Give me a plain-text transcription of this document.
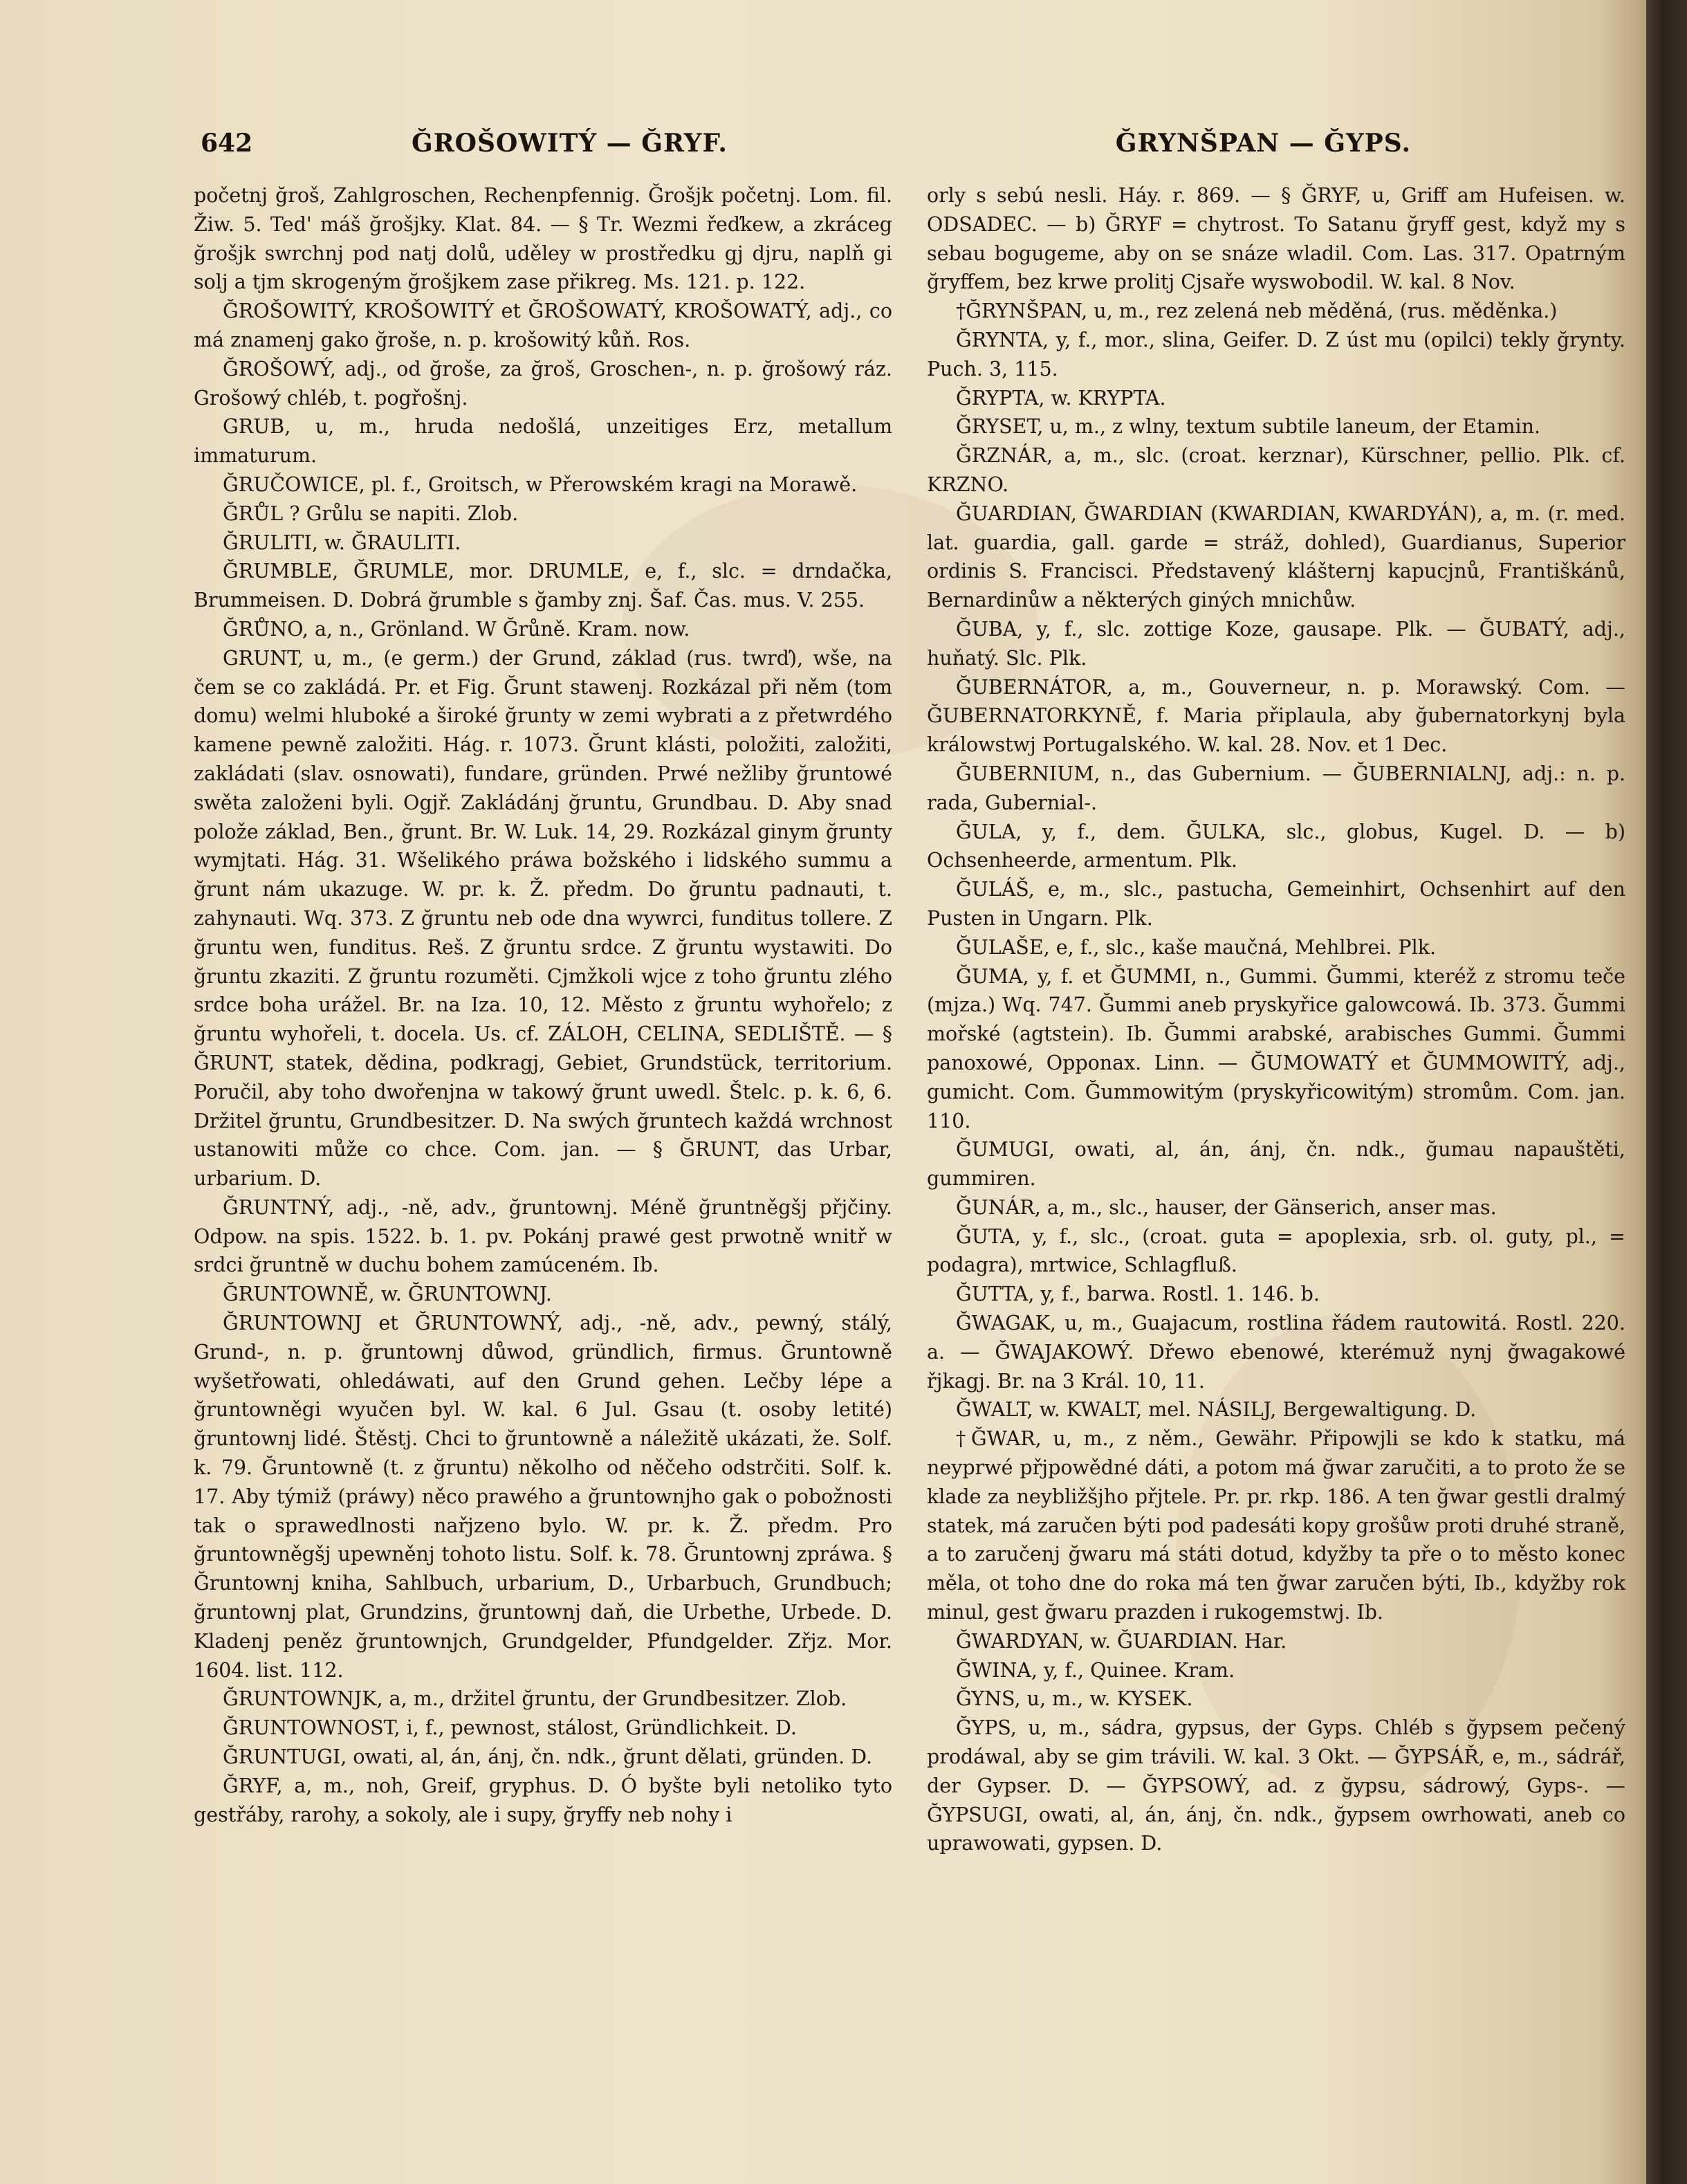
642	ĞROŠOWITÝ — ĞRYF.	ĞRYNŠPAN — ĞYPS.

početnj ğroš, Zahlgroschen, Rechenpfennig. Ğrošjk početnj. Lom. fil. Žiw. 5. Ted' máš ğrošjky. Klat. 84. — § Tr. Wezmi řeďkew, a zkráceg ğrošjk swrchnj pod natj dolů, uděley w prostředku gj djru, naplň gi solj a tjm skrogeným ğrošjkem zase přikreg. Ms. 121. p. 122.

ĞROŠOWITÝ, KROŠOWITÝ et ĞROŠOWATÝ, KROŠOWATÝ, adj., co má znamenj gako ğroše, n. p. krošowitý kůň. Ros.

ĞROŠOWÝ, adj., od ğroše, za ğroš, Groschen-, n. p. ğrošowý ráz. Grošowý chléb, t. pogřošnj.

GRUB, u, m., hruda nedošlá, unzeitiges Erz, metallum immaturum.

ĞRUČOWICE, pl. f., Groitsch, w Přerowském kragi na Morawě.

ĞRŮL ? Grůlu se napiti. Zlob.

ĞRULITI, w. ĞRAULITI.

ĞRUMBLE, ĞRUMLE, mor. DRUMLE, e, f., slc. = drndačka, Brummeisen. D. Dobrá ğrumble s ğamby znj. Šaf. Čas. mus. V. 255.

ĞRŮNO, a, n., Grönland. W Ğrůně. Kram. now.

GRUNT, u, m., (e germ.) der Grund, základ (rus. twrď), wše, na čem se co zakládá. Pr. et Fig. Ğrunt stawenj. Rozkázal při něm (tom domu) welmi hluboké a široké ğrunty w zemi wybrati a z přetwrdého kamene pewně založiti. Hág. r. 1073. Ğrunt klásti, položiti, založiti, zakládati (slav. osnowati), fundare, gründen. Prwé nežliby ğruntowé swěta založeni byli. Ogjř. Zakládánj ğruntu, Grundbau. D. Aby snad polože základ, Ben., ğrunt. Br. W. Luk. 14, 29. Rozkázal ginym ğrunty wymjtati. Hág. 31. Wšelikého práwa božského i lidského summu a ğrunt nám ukazuge. W. pr. k. Ž. předm. Do ğruntu padnauti, t. zahynauti. Wq. 373. Z ğruntu neb ode dna wywrci, funditus tollere. Z ğruntu wen, funditus. Reš. Z ğruntu srdce. Z ğruntu wystawiti. Do ğruntu zkaziti. Z ğruntu rozuměti. Cjmžkoli wjce z toho ğruntu zlého srdce boha urážel. Br. na Iza. 10, 12. Město z ğruntu wyhořelo; z ğruntu wyhořeli, t. docela. Us. cf. ZÁLOH, CELINA, SEDLIŠTĚ. — § ĞRUNT, statek, dědina, podkragj, Gebiet, Grundstück, territorium. Poručil, aby toho dwořenjna w takowý ğrunt uwedl. Štelc. p. k. 6, 6. Držitel ğruntu, Grundbesitzer. D. Na swých ğruntech každá wrchnost ustanowiti může co chce. Com. jan. — § ĞRUNT, das Urbar, urbarium. D.

ĞRUNTNÝ, adj., -ně, adv., ğruntownj. Méně ğruntněgšj přjčiny. Odpow. na spis. 1522. b. 1. pv. Pokánj prawé gest prwotně wnitř w srdci ğruntně w duchu bohem zamúceném. Ib.

ĞRUNTOWNĚ, w. ĞRUNTOWNJ.

ĞRUNTOWNJ et ĞRUNTOWNÝ, adj., -ně, adv., pewný, stálý, Grund-, n. p. ğruntownj důwod, gründlich, firmus. Ğruntowně wyšetřowati, ohledáwati, auf den Grund gehen. Lečby lépe a ğruntowněgi wyučen byl. W. kal. 6 Jul. Gsau (t. osoby letité) ğruntownj lidé. Štěstj. Chci to ğruntowně a náležitě ukázati, že. Solf. k. 79. Ğruntowně (t. z ğruntu) několho od něčeho odstrčiti. Solf. k. 17. Aby týmiž (práwy) něco prawého a ğruntownjho gak o pobožnosti tak o sprawedlnosti nařjzeno bylo. W. pr. k. Ž. předm. Pro ğruntowněgšj upewněnj tohoto listu. Solf. k. 78. Ğruntownj zpráwa. § Ğruntownj kniha, Sahlbuch, urbarium, D., Urbarbuch, Grundbuch; ğruntownj plat, Grundzins, ğruntownj daň, die Urbethe, Urbede. D. Kladenj peněz ğruntownjch, Grundgelder, Pfundgelder. Zřjz. Mor. 1604. list. 112.

ĞRUNTOWNJK, a, m., držitel ğruntu, der Grundbesitzer. Zlob.

ĞRUNTOWNOST, i, f., pewnost, stálost, Gründlichkeit. D.

ĞRUNTUGI, owati, al, án, ánj, čn. ndk., ğrunt dělati, gründen. D.

ĞRYF, a, m., noh, Greif, gryphus. D. Ó byšte byli netoliko tyto gestřáby, rarohy, a sokoly, ale i supy, ğryffy neb nohy i

orly s sebú nesli. Háy. r. 869. — § ĞRYF, u, Griff am Hufeisen. w. ODSADEC. — b) ĞRYF = chytrost. To Satanu ğryff gest, když my s sebau bogugeme, aby on se snáze wladil. Com. Las. 317. Opatrným ğryffem, bez krwe prolitj Cjsaře wyswobodil. W. kal. 8 Nov.

†ĞRYNŠPAN, u, m., rez zelená neb měděná, (rus. měděnka.)

ĞRYNTA, y, f., mor., slina, Geifer. D. Z úst mu (opilci) tekly ğrynty. Puch. 3, 115.

ĞRYPTA, w. KRYPTA.

ĞRYSET, u, m., z wlny, textum subtile laneum, der Etamin.

ĞRZNÁR, a, m., slc. (croat. kerznar), Kürschner, pellio. Plk. cf. KRZNO.

ĞUARDIAN, ĞWARDIAN (KWARDIAN, KWARDYÁN), a, m. (r. med. lat. guardia, gall. garde = stráž, dohled), Guardianus, Superior ordinis S. Francisci. Představený klášternj kapucjnů, Františkánů, Bernardinůw a některých giných mnichůw.

ĞUBA, y, f., slc. zottige Koze, gausape. Plk. — ĞUBATÝ, adj., huňatý. Slc. Plk.

ĞUBERNÁTOR, a, m., Gouverneur, n. p. Morawský. Com. — ĞUBERNATORKYNĚ, f. Maria připlaula, aby ğubernatorkynj byla králowstwj Portugalského. W. kal. 28. Nov. et 1 Dec.

ĞUBERNIUM, n., das Gubernium. — ĞUBERNIALNJ, adj.: n. p. rada, Gubernial-.

ĞULA, y, f., dem. ĞULKA, slc., globus, Kugel. D. — b) Ochsenheerde, armentum. Plk.

ĞULÁŠ, e, m., slc., pastucha, Gemeinhirt, Ochsenhirt auf den Pusten in Ungarn. Plk.

ĞULAŠE, e, f., slc., kaše maučná, Mehlbrei. Plk.

ĞUMA, y, f. et ĞUMMI, n., Gummi. Ğummi, kteréž z stromu teče (mjza.) Wq. 747. Ğummi aneb pryskyřice galowcowá. Ib. 373. Ğummi mořské (agtstein). Ib. Ğummi arabské, arabisches Gummi. Ğummi panoxowé, Opponax. Linn. — ĞUMOWATÝ et ĞUMMOWITÝ, adj., gumicht. Com. Ğummowitým (pryskyřicowitým) stromům. Com. jan. 110.

ĞUMUGI, owati, al, án, ánj, čn. ndk., ğumau napauštěti, gummiren.

ĞUNÁR, a, m., slc., hauser, der Gänserich, anser mas.

ĞUTA, y, f., slc., (croat. guta = apoplexia, srb. ol. guty, pl., = podagra), mrtwice, Schlagfluß.

ĞUTTA, y, f., barwa. Rostl. 1. 146. b.

ĞWAGAK, u, m., Guajacum, rostlina řádem rautowitá. Rostl. 220. a. — ĞWAJAKOWÝ. Dřewo ebenowé, kterémuž nynj ğwagakowé řjkagj. Br. na 3 Král. 10, 11.

ĞWALT, w. KWALT, mel. NÁSILJ, Bergewaltigung. D.

†ĞWAR, u, m., z něm., Gewähr. Připowjli se kdo k statku, má neyprwé přjpowědné dáti, a potom má ğwar zaručiti, a to proto že se klade za neybližšjho přjtele. Pr. pr. rkp. 186. A ten ğwar gestli dralmý statek, má zaručen býti pod padesáti kopy grošůw proti druhé straně, a to zaručenj ğwaru má státi dotud, kdyžby ta pře o to město konec měla, ot toho dne do roka má ten ğwar zaručen býti, Ib., kdyžby rok minul, gest ğwaru prazden i rukogemstwj. Ib.

ĞWARDYAN, w. ĞUARDIAN. Har.

ĞWINA, y, f., Quinee. Kram.

ĞYNS, u, m., w. KYSEK.

ĞYPS, u, m., sádra, gypsus, der Gyps. Chléb s ğypsem pečený prodáwal, aby se gim trávili. W. kal. 3 Okt. — ĞYPSÁŘ, e, m., sádrář, der Gypser. D. — ĞYPSOWÝ, ad. z ğypsu, sádrowý, Gyps-. — ĞYPSUGI, owati, al, án, ánj, čn. ndk., ğypsem owrhowati, aneb co uprawowati, gypsen. D.
